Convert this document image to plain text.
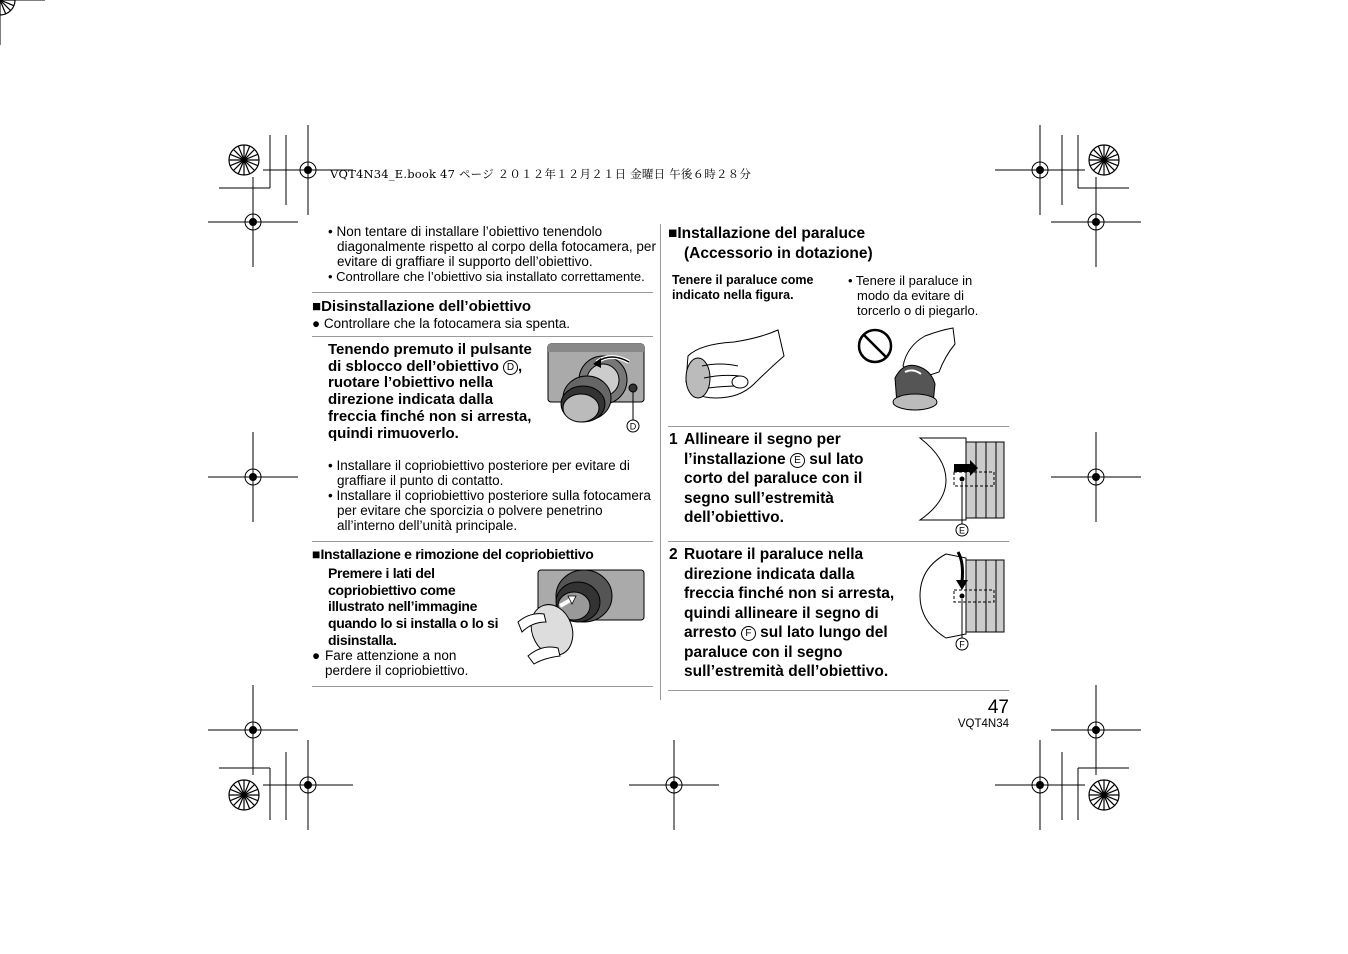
VQT4N34_E.book 47 ページ ２０１２年１２月２１日 金曜日 午後６時２８分
• Non tentare di installare l’obiettivo tenendolo diagonalmente rispetto al corpo della fotocamera, per evitare di graffiare il supporto dell’obiettivo.
• Controllare che l’obiettivo sia installato correttamente.
■Disinstallazione dell’obiettivo
● Controllare che la fotocamera sia spenta.
Tenendo premuto il pulsante di sblocco dell’obiettivo D , ruotare l’obiettivo nella direzione indicata dalla freccia finché non si arresta, quindi rimuoverlo.	D
• Installare il copriobiettivo posteriore per evitare di graffiare il punto di contatto.
• Installare il copriobiettivo posteriore sulla fotocamera per evitare che sporcizia o polvere penetrino all’interno dell’unità principale.
■Installazione e rimozione del copriobiettivo
Premere i lati del copriobiettivo come illustrato nell’immagine quando lo si installa o lo si disinstalla.
● Fare attenzione a non perdere il copriobiettivo.
■Installazione del paraluce
(Accessorio in dotazione)
Tenere il paraluce come indicato nella figura.
• Tenere il paraluce in modo da evitare di torcerlo o di piegarlo.
1 Allineare il segno per l’installazione E sul lato corto del paraluce con il segno sull’estremità dell’obiettivo.
E
2 Ruotare il paraluce nella direzione indicata dalla freccia finché non si arresta, quindi allineare il segno di arresto F sul lato lungo del paraluce con il segno sull’estremità dell’obiettivo.
F
47
VQT4N34
